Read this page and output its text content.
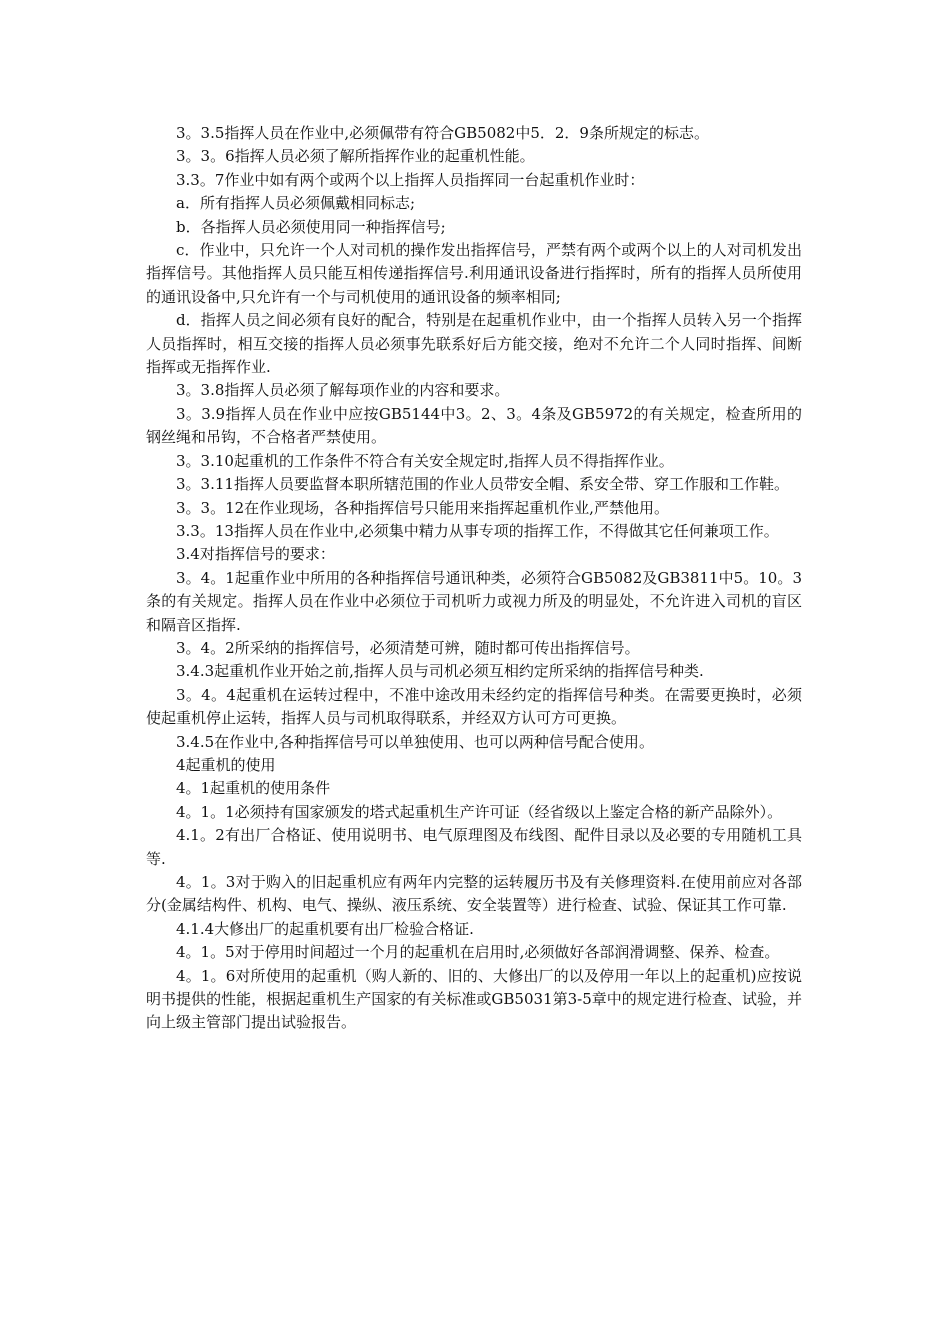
3。3.5指挥人员在作业中,必须佩带有符合GB5082中5．2．9条所规定的标志。

3。3。6指挥人员必须了解所指挥作业的起重机性能。

3.3。7作业中如有两个或两个以上指挥人员指挥同一台起重机作业时：

a．所有指挥人员必须佩戴相同标志;

b．各指挥人员必须使用同一种指挥信号;

c．作业中，只允许一个人对司机的操作发出指挥信号，严禁有两个或两个以上的人对司机发出指挥信号。其他指挥人员只能互相传递指挥信号.利用通讯设备进行指挥时，所有的指挥人员所使用的通讯设备中,只允许有一个与司机使用的通讯设备的频率相同;

d．指挥人员之间必须有良好的配合，特别是在起重机作业中，由一个指挥人员转入另一个指挥人员指挥时，相互交接的指挥人员必须事先联系好后方能交接，绝对不允许二个人同时指挥、间断指挥或无指挥作业.

3。3.8指挥人员必须了解每项作业的内容和要求。

3。3.9指挥人员在作业中应按GB5144中3。2、3。4条及GB5972的有关规定，检查所用的钢丝绳和吊钩，不合格者严禁使用。

3。3.10起重机的工作条件不符合有关安全规定时,指挥人员不得指挥作业。

3。3.11指挥人员要监督本职所辖范围的作业人员带安全帽、系安全带、穿工作服和工作鞋。

3。3。12在作业现场，各种指挥信号只能用来指挥起重机作业,严禁他用。

3.3。13指挥人员在作业中,必须集中精力从事专项的指挥工作，不得做其它任何兼项工作。

3.4对指挥信号的要求：

3。4。1起重作业中所用的各种指挥信号通讯种类，必须符合GB5082及GB3811中5。10。3条的有关规定。指挥人员在作业中必须位于司机听力或视力所及的明显处，不允许进入司机的盲区和隔音区指挥.

3。4。2所采纳的指挥信号，必须清楚可辨，随时都可传出指挥信号。

3.4.3起重机作业开始之前,指挥人员与司机必须互相约定所采纳的指挥信号种类.

3。4。4起重机在运转过程中，不准中途改用未经约定的指挥信号种类。在需要更换时，必须使起重机停止运转，指挥人员与司机取得联系，并经双方认可方可更换。

3.4.5在作业中,各种指挥信号可以单独使用、也可以两种信号配合使用。

4起重机的使用

4。1起重机的使用条件

4。1。1必须持有国家颁发的塔式起重机生产许可证（经省级以上鉴定合格的新产品除外）。

4.1。2有出厂合格证、使用说明书、电气原理图及布线图、配件目录以及必要的专用随机工具等.

4。1。3对于购入的旧起重机应有两年内完整的运转履历书及有关修理资料.在使用前应对各部分(金属结构件、机构、电气、操纵、液压系统、安全装置等）进行检查、试验、保证其工作可靠.

4.1.4大修出厂的起重机要有出厂检验合格证.

4。1。5对于停用时间超过一个月的起重机在启用时,必须做好各部润滑调整、保养、检查。

4。1。6对所使用的起重机（购人新的、旧的、大修出厂的以及停用一年以上的起重机)应按说明书提供的性能，根据起重机生产国家的有关标准或GB5031第3-5章中的规定进行检查、试验，并向上级主管部门提出试验报告。
